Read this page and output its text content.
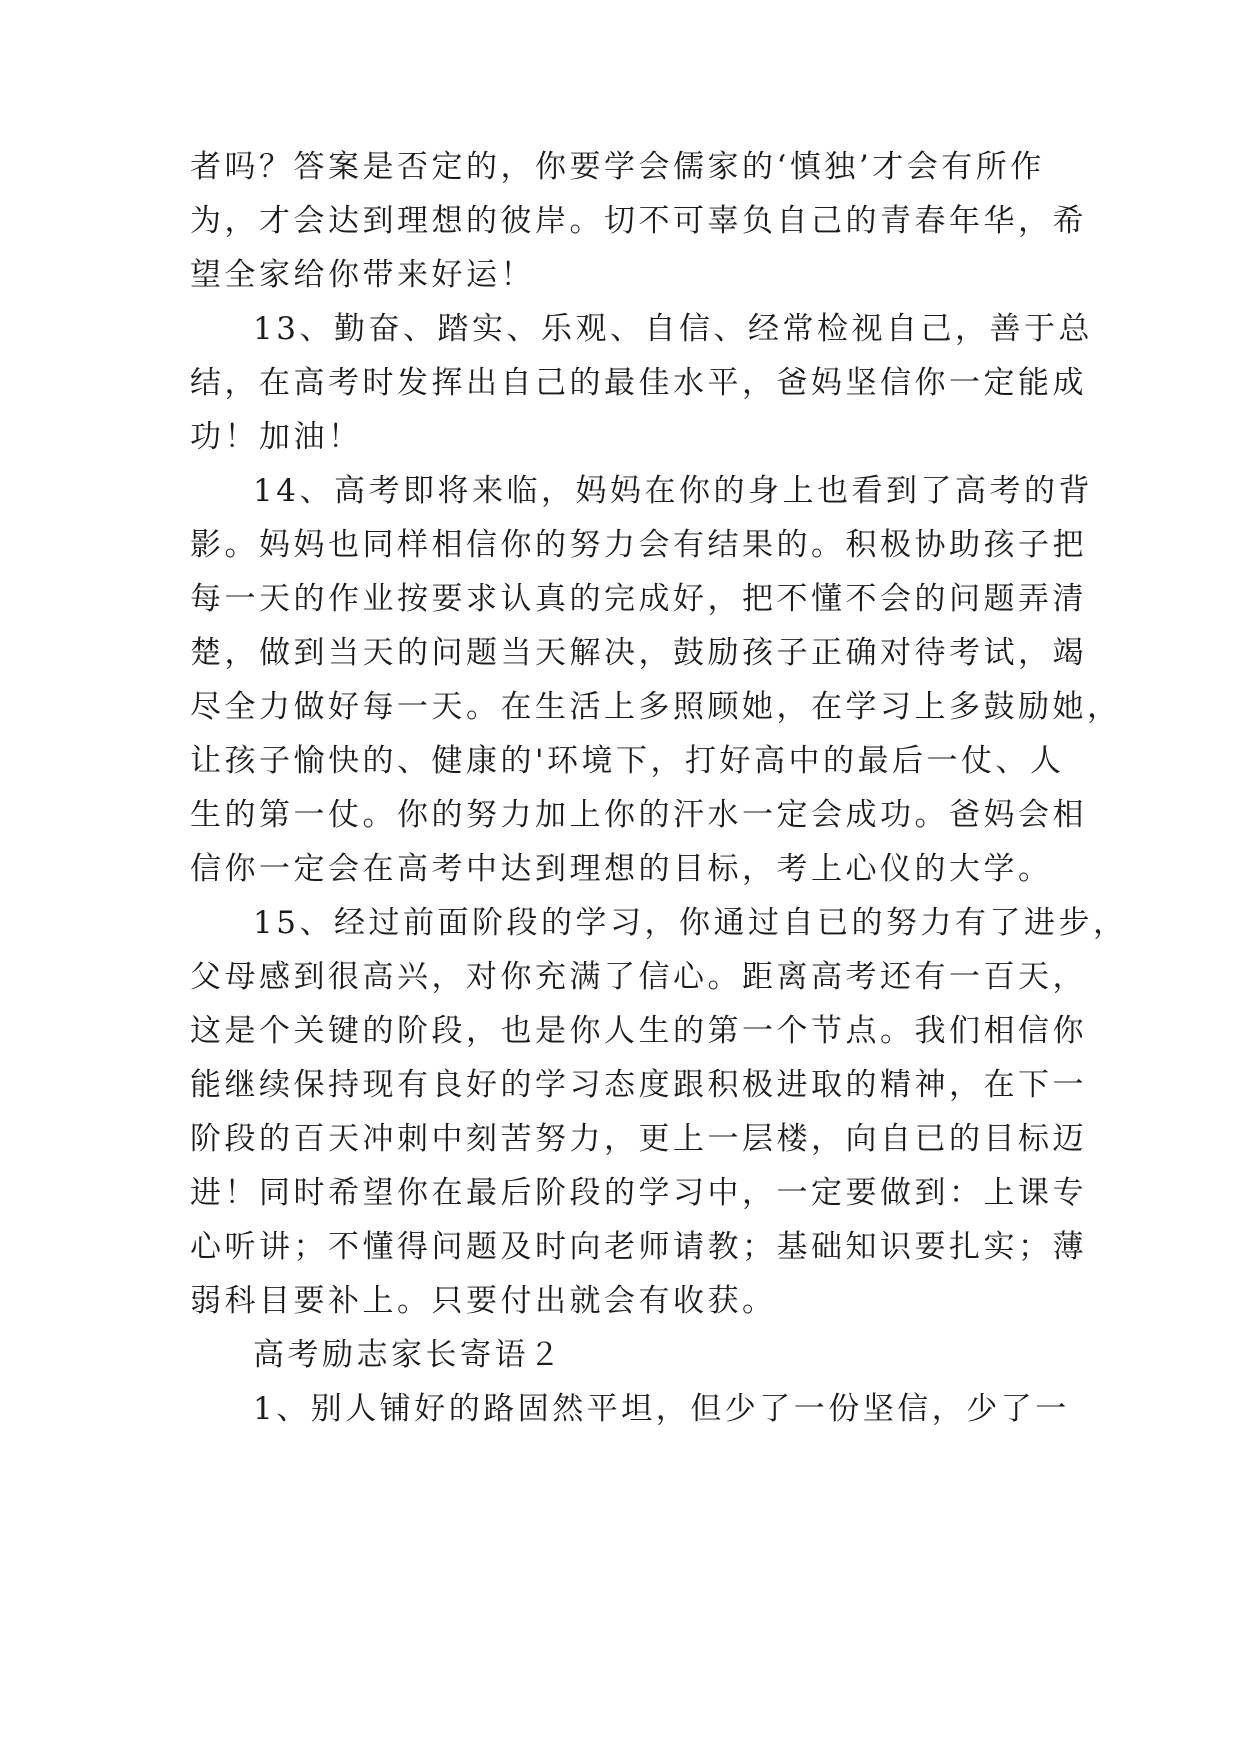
者吗？答案是否定的，你要学会儒家的‘慎独’才会有所作

为，才会达到理想的彼岸。切不可辜负自己的青春年华，希

望全家给你带来好运！

13、勤奋、踏实、乐观、自信、经常检视自己，善于总

结，在高考时发挥出自己的最佳水平，爸妈坚信你一定能成

功！加油！

14、高考即将来临，妈妈在你的身上也看到了高考的背

影。妈妈也同样相信你的努力会有结果的。积极协助孩子把

每一天的作业按要求认真的完成好，把不懂不会的问题弄清

楚，做到当天的问题当天解决，鼓励孩子正确对待考试，竭

尽全力做好每一天。在生活上多照顾她，在学习上多鼓励她，

让孩子愉快的、健康的'环境下，打好高中的最后一仗、人

生的第一仗。你的努力加上你的汗水一定会成功。爸妈会相

信你一定会在高考中达到理想的目标，考上心仪的大学。

15、经过前面阶段的学习，你通过自已的努力有了进步，

父母感到很高兴，对你充满了信心。距离高考还有一百天，

这是个关键的阶段，也是你人生的第一个节点。我们相信你

能继续保持现有良好的学习态度跟积极进取的精神，在下一

阶段的百天冲刺中刻苦努力，更上一层楼，向自已的目标迈

进！同时希望你在最后阶段的学习中，一定要做到：上课专

心听讲；不懂得问题及时向老师请教；基础知识要扎实；薄

弱科目要补上。只要付出就会有收获。

高考励志家长寄语２

1、别人铺好的路固然平坦，但少了一份坚信，少了一
